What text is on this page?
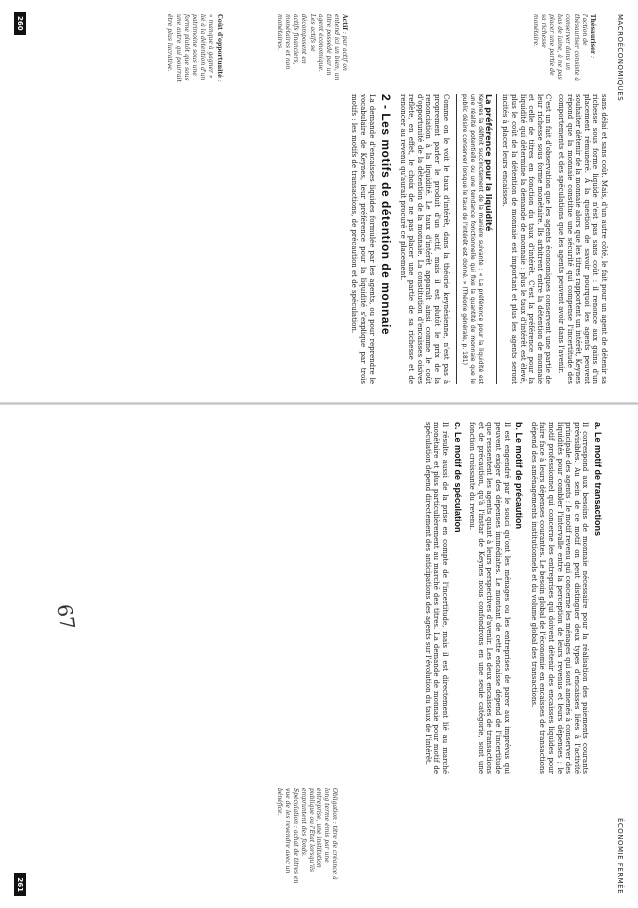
MACROÉCONOMIQUES

Thésauriser : l'action de thésauriser consiste à conserver dans un bas de laine, à ne pas placer une partie de sa richesse monétaire.

Actif : par actif on entend ici un bien, un titre possédé par un agent économique. Les actifs se décomposent en actifs financiers, monétaires et non monétaires.

Coût d'opportunité : « manque à gagner » lié à la détention d'un patrimoine sous une forme plutôt que sous une autre qui pourrait être plus lucrative.

sans délai et sans coût. Mais, d'un autre côté, le fait pour un agent de détenir sa richesse sous forme liquide n'est pas sans coût : il renonce aux gains d'un placement rémunéré. À la question de savoir pourquoi les agents peuvent souhaiter détenir de la monnaie alors que les titres rapportent un intérêt, Keynes répond que la monnaie constitue une sécurité qui compense l'incertitude des comportements et des spéculations que les agents peuvent avoir dans l'avenir.

C'est un fait d'observation que les agents économiques conservent une partie de leur richesse sous forme monétaire. Ils arbitrent entre la détention de monnaie et celle de titres en fonction du taux d'intérêt. C'est la préférence pour la liquidité qui détermine la demande de monnaie : plus le taux d'intérêt est élevé, plus le coût de la détention de monnaie est important et plus les agents seront incités à placer leurs encaisses.

La préférence pour la liquidité
Keynes la définit succinctement de la manière suivante : « La préférence pour la liquidité est une réalité potentielle ou une tendance fonctionnelle qui fixe la quantité de monnaie que le public désire conserver lorsque le taux de l'intérêt est donné. » (Théorie générale, p. 181)

Comme on le voit le taux d'intérêt, dans la théorie keynésienne, n'est pas à proprement parler le produit d'un actif, mais il est plutôt le prix de la renonciation à la liquidité. Le taux d'intérêt apparaît ainsi comme le coût d'opportunité de la détention de la monnaie. La constitution d'encaisses oisives reflète, en effet, le choix de ne pas placer une partie de sa richesse et de renoncer au revenu qu'aurait procuré ce placement.

2 - Les motifs de détention de monnaie

La demande d'encaisses liquides formulée par les agents, ou pour reprendre le vocabulaire de Keynes, leur préférence pour la liquidité s'explique par trois motifs : les motifs de transactions, de précaution et de spéculation.

260
ÉCONOMIE FERMÉE
a. Le motif de transactions

Il correspond aux besoins de monnaie nécessaire pour la réalisation des paiements courants prévisibles. Au sein de ce motif on peut distinguer deux types d'encaisses liées à l'activité principale des agents : le motif revenu qui concerne les ménages qui sont amenés à conserver des liquidités pour combler l'intervalle entre la perception de leurs revenus et leurs dépenses ; le motif professionnel qui concerne les entreprises qui doivent détenir des encaisses liquides pour faire face à leurs dépenses courantes. Le besoin global de l'économie en encaisses de transactions dépend des aménagements institutionnels et du volume global des transactions.

b. Le motif de précaution

Il est engendré par le souci qu'ont les ménages ou les entreprises de parer aux imprévus qui peuvent exiger des dépenses immédiates. Le montant de cette encaisse dépend de l'incertitude que ressentent les agents quant à leurs perspectives d'avenir. Les deux encaisses de transactions et de précaution, qu'à l'instar de Keynes nous confondrons en une seule catégorie, sont une fonction croissante du revenu.

c. Le motif de spéculation

Il résulte aussi de la prise en compte de l'incertitude, mais il est directement lié au marché monétaire et plus particulièrement au marché des titres. La demande de monnaie pour motif de spéculation dépend directement des anticipations des agents sur l'évolution du taux de l'intérêt.

Obligation : titre de créance à long terme émis par une entreprise, une institution publique ou l'État lorsqu'ils empruntent des fonds. Spéculation : achat de titres en vue de les revendre avec un bénéfice.
67
261
